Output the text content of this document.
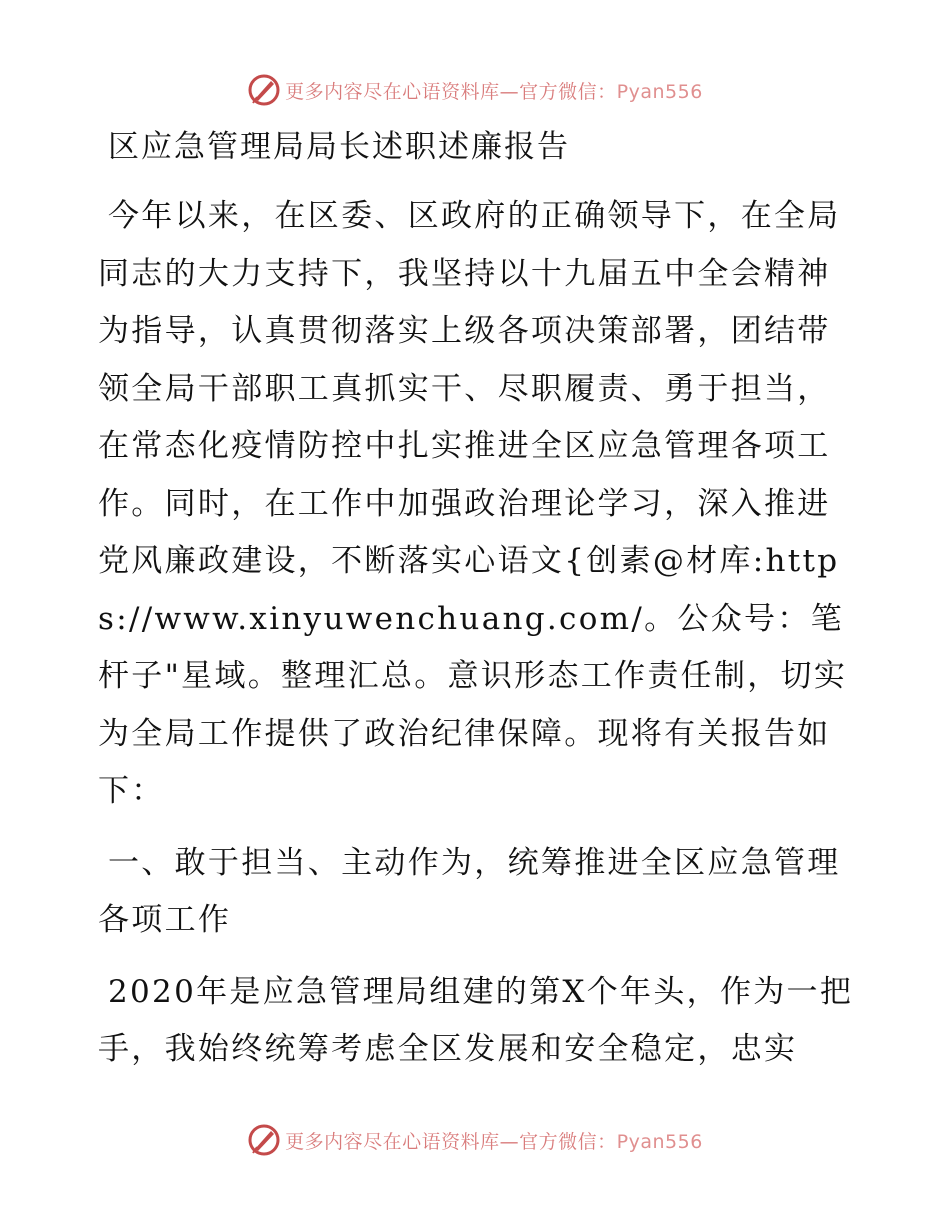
更多内容尽在心语资料库—官方微信：Pyan556
区应急管理局局长述职述廉报告

今年以来，在区委、区政府的正确领导下，在全局同志的大力支持下，我坚持以十九届五中全会精神为指导，认真贯彻落实上级各项决策部署，团结带领全局干部职工真抓实干、尽职履责、勇于担当，在常态化疫情防控中扎实推进全区应急管理各项工作。同时，在工作中加强政治理论学习，深入推进党风廉政建设，不断落实心语文{创素@材库:https://www.xinyuwenchuang.com/。公众号：笔杆子"星域。整理汇总。意识形态工作责任制，切实为全局工作提供了政治纪律保障。现将有关报告如下：

一、敢于担当、主动作为，统筹推进全区应急管理各项工作

2020年是应急管理局组建的第X个年头，作为一把手，我始终统筹考虑全区发展和安全稳定，忠实

更多内容尽在心语资料库—官方微信：Pyan556
